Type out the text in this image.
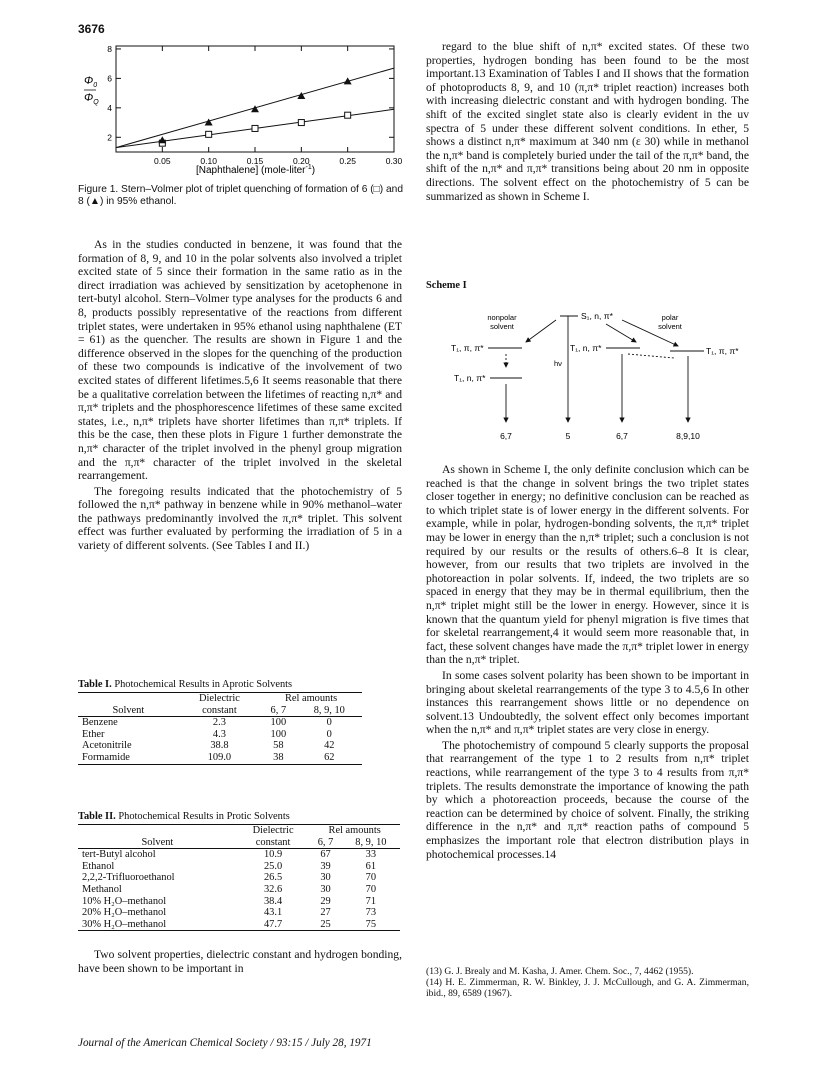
3676
0.05	0.10	0.15	0.20	0.25	0.30
2
4
6
8
$\Phi_0$
$\Phi_Q$
[Naphthalene] (mole-liter$^{-1}$)
Figure 1. Stern–Volmer plot of triplet quenching of formation of 6 (□) and 8 (▲) in 95% ethanol.

As in the studies conducted in benzene, it was found that the formation of 8, 9, and 10 in the polar solvents also involved a triplet excited state of 5 since their formation in the same ratio as in the direct irradiation was achieved by sensitization by acetophenone in tert-butyl alcohol. Stern–Volmer type analyses for the products 6 and 8, products possibly representative of the reactions from different triplet states, were undertaken in 95% ethanol using naphthalene (ET = 61) as the quencher. The results are shown in Figure 1 and the difference observed in the slopes for the quenching of the production of these two compounds is indicative of the involvement of two excited states of different lifetimes.5,6 It seems reasonable that there be a qualitative correlation between the lifetimes of reacting n,π* and π,π* triplets and the phosphorescence lifetimes of these same excited states, i.e., n,π* triplets have shorter lifetimes than π,π* triplets. If this be the case, then these plots in Figure 1 further demonstrate the n,π* character of the triplet involved in the phenyl group migration and the π,π* character of the triplet involved in the skeletal rearrangement.

The foregoing results indicated that the photochemistry of 5 followed the n,π* pathway in benzene while in 90% methanol–water the pathways predominantly involved the π,π* triplet. This solvent effect was further evaluated by performing the irradiation of 5 in a variety of different solvents. (See Tables I and II.)

Table I. Photochemical Results in Aprotic Solvents
	Dielectric	Rel amounts	
Solvent	constant	6, 7	8, 9, 10
Benzene	2.3	100	0
Ether	4.3	100	0
Acetonitrile	38.8	58	42
Formamide	109.0	38	62
Table II. Photochemical Results in Protic Solvents
	Dielectric	Rel amounts	
Solvent	constant	6, 7	8, 9, 10
tert-Butyl alcohol	10.9	67	33
Ethanol	25.0	39	61
2,2,2-Trifluoroethanol	26.5	30	70
Methanol	32.6	30	70
10% H₂O–methanol	38.4	29	71
20% H₂O–methanol	43.1	27	73
30% H₂O–methanol	47.7	25	75

Two solvent properties, dielectric constant and hydrogen bonding, have been shown to be important in

regard to the blue shift of n,π* excited states. Of these two properties, hydrogen bonding has been found to be the most important.13 Examination of Tables I and II shows that the formation of photoproducts 8, 9, and 10 (π,π* triplet reaction) increases both with increasing dielectric constant and with hydrogen bonding. The shift of the excited singlet state also is clearly evident in the uv spectra of 5 under these different solvent conditions. In ether, 5 shows a distinct n,π* maximum at 340 nm (ε 30) while in methanol the n,π* band is completely buried under the tail of the π,π* band, the shift of the n,π* and π,π* transitions being about 20 nm in opposite directions. The solvent effect on the photochemistry of 5 can be summarized as shown in Scheme I.

Scheme I
S₁, n, π*
nonpolar
solvent
polar
solvent
T₁, π, π*	T₁, n, π*	T₁, π, π*
T₁, n, π*
hν
6,7	5	6,7	8,9,10

As shown in Scheme I, the only definite conclusion which can be reached is that the change in solvent brings the two triplet states closer together in energy; no definitive conclusion can be reached as to which triplet state is of lower energy in the different solvents. For example, while in polar, hydrogen-bonding solvents, the π,π* triplet may be lower in energy than the n,π* triplet; such a conclusion is not required by our results or the results of others.6–8 It is clear, however, from our results that two triplets are involved in the photoreaction in polar solvents. If, indeed, the two triplets are so spaced in energy that they may be in thermal equilibrium, then the n,π* triplet might still be the lower in energy. However, since it is known that the quantum yield for phenyl migration is five times that for skeletal rearrangement,4 it would seem more reasonable that, in fact, these solvent changes have made the π,π* triplet lower in energy than the n,π* triplet.

In some cases solvent polarity has been shown to be important in bringing about skeletal rearrangements of the type 3 to 4.5,6 In other instances this rearrangement shows little or no dependence on solvent.13 Undoubtedly, the solvent effect only becomes important when the n,π* and π,π* triplet states are very close in energy.

The photochemistry of compound 5 clearly supports the proposal that rearrangement of the type 1 to 2 results from n,π* triplet reactions, while rearrangement of the type 3 to 4 results from π,π* triplets. The results demonstrate the importance of knowing the path by which a photoreaction proceeds, because the course of the reaction can be determined by choice of solvent. Finally, the striking difference in the n,π* and π,π* reaction paths of compound 5 emphasizes the important role that electron distribution plays in photochemical processes.14

(13) G. J. Brealy and M. Kasha, J. Amer. Chem. Soc., 7, 4462 (1955).

(14) H. E. Zimmerman, R. W. Binkley, J. J. McCullough, and G. A. Zimmerman, ibid., 89, 6589 (1967).

Journal of the American Chemical Society / 93:15 / July 28, 1971
